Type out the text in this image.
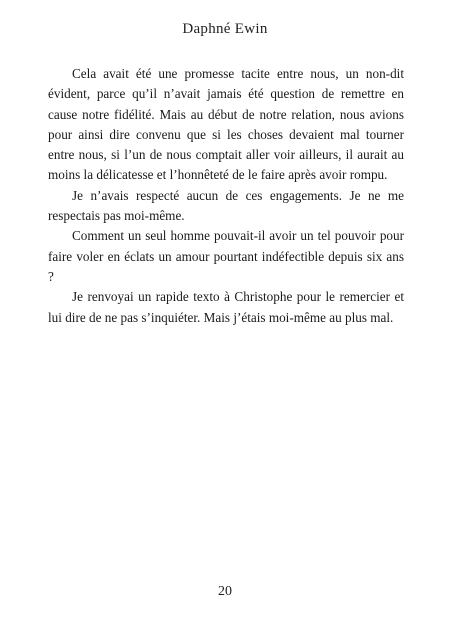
Daphné Ewin

Cela avait été une promesse tacite entre nous, un non-dit évident, parce qu’il n’avait jamais été question de remettre en cause notre fidélité. Mais au début de notre relation, nous avions pour ainsi dire convenu que si les choses devaient mal tourner entre nous, si l’un de nous comptait aller voir ailleurs, il aurait au moins la délicatesse et l’honnêteté de le faire après avoir rompu.

Je n’avais respecté aucun de ces engagements. Je ne me respectais pas moi-même.

Comment un seul homme pouvait-il avoir un tel pouvoir pour faire voler en éclats un amour pourtant indéfectible depuis six ans ?

Je renvoyai un rapide texto à Christophe pour le remercier et lui dire de ne pas s’inquiéter. Mais j’étais moi-même au plus mal.

20
